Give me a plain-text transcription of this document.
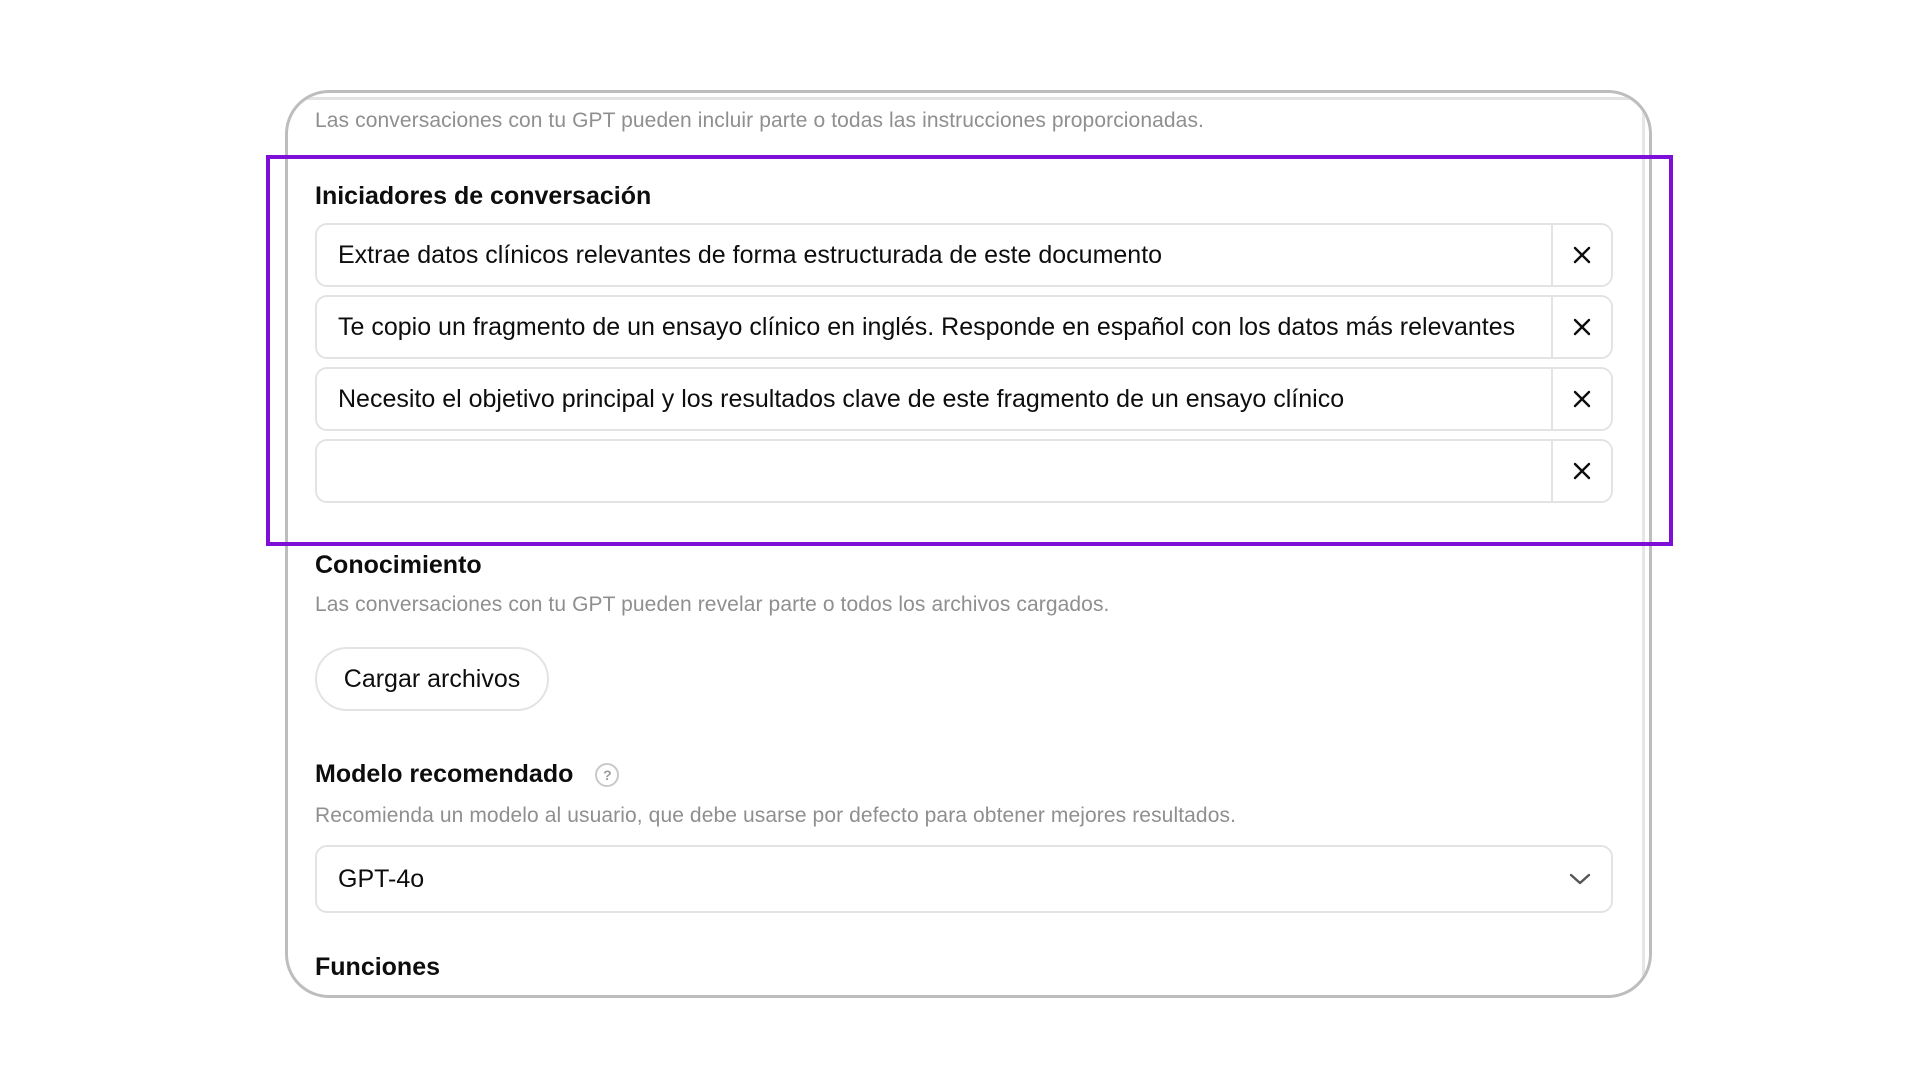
Las conversaciones con tu GPT pueden incluir parte o todas las instrucciones proporcionadas.

Iniciadores de conversación
Extrae datos clínicos relevantes de forma estructurada de este documento
Te copio un fragmento de un ensayo clínico en inglés. Responde en español con los datos más relevantes
Necesito el objetivo principal y los resultados clave de este fragmento de un ensayo clínico
Conocimiento

Las conversaciones con tu GPT pueden revelar parte o todos los archivos cargados.

Cargar archivos
Modelo recomendado	?

Recomienda un modelo al usuario, que debe usarse por defecto para obtener mejores resultados.

GPT-4o
Funciones
